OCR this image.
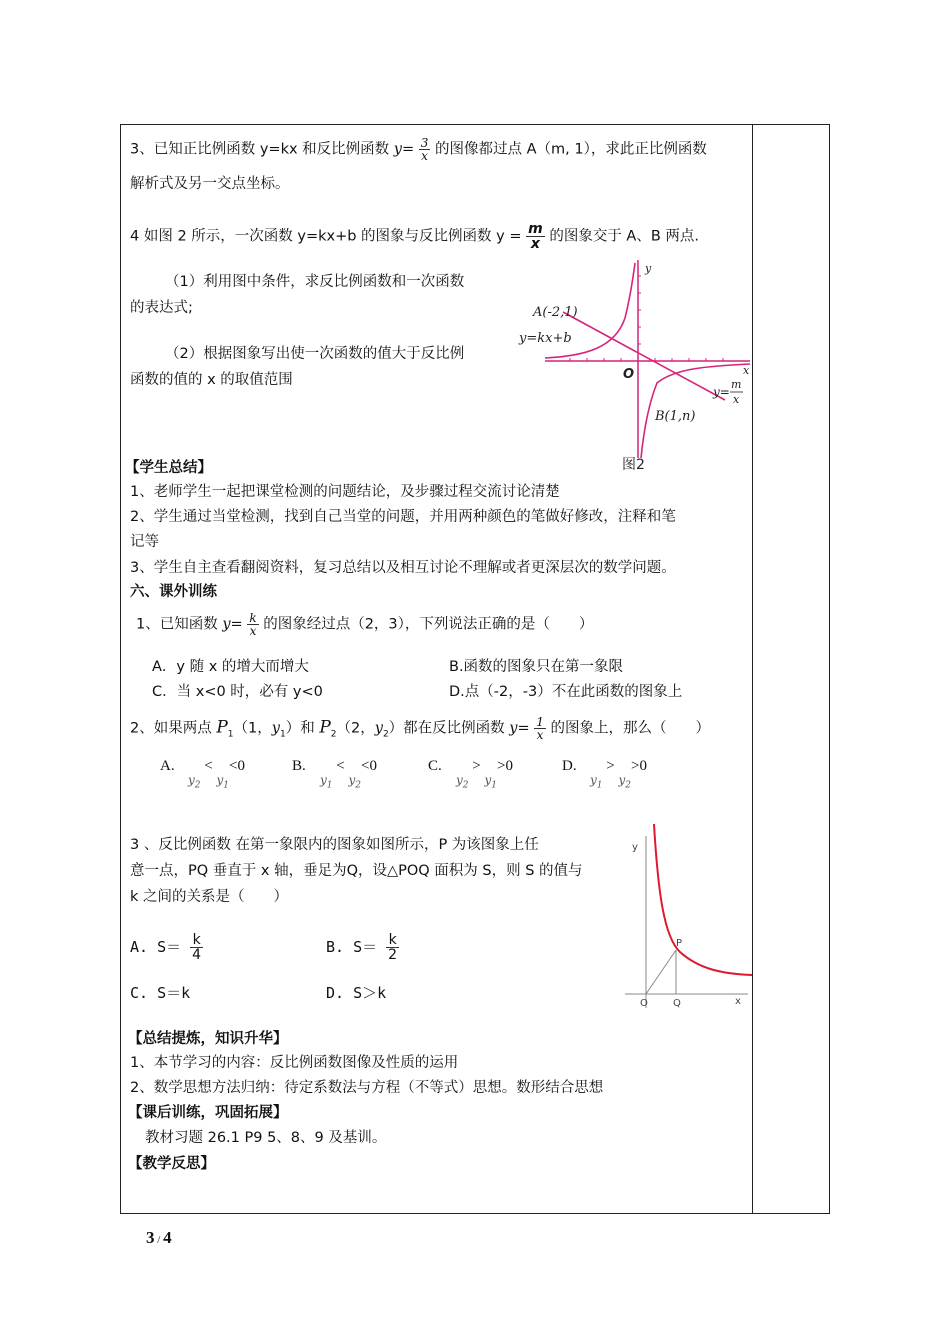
3、已知正比例函数 y=kx 和反比例函数 $y= \frac{3}{x}$ 的图像都过点 A（m, 1），求此正比例函数
解析式及另一交点坐标。
4 如图 2 所示，一次函数 y=kx+b 的图象与反比例函数 $y = \frac{m}{x}$ 的图象交于 A、B 两点.
（1）利用图中条件，求反比例函数和一次函数
的表达式;
（2）根据图象写出使一次函数的值大于反比例
函数的值的 x 的取值范围
A(-2,1)
y=kx+b
O	x
y
y=
m
x
B(1,n)
图2
【学生总结】
1、老师学生一起把课堂检测的问题结论，及步骤过程交流讨论清楚
2、学生通过当堂检测，找到自己当堂的问题，并用两种颜色的笔做好修改，注释和笔
记等
3、学生自主查看翻阅资料，复习总结以及相互讨论不理解或者更深层次的数学问题。
六、课外训练
1、已知函数 $y= \frac{k}{x}$ 的图象经过点（2，3），下列说法正确的是（　　）
A．y 随 x 的增大而增大	B.函数的图象只在第一象限
C．当 x<0 时，必有 y<0	D.点（-2，-3）不在此函数的图象上
2、如果两点 $P_1(1$，$y_1$）和 $P_2(2$，$y_2$）都在反比例函数 $y= \frac{1}{x}$ 的图象上，那么（　　）
A.
$_{y_2}$ < $_{y_1}$<0	B.
$_{y_1}$ < $_{y_2}$<0	C.
$_{y_2}$ > $_{y_1}$>0	D.
$_{y_1}$ > $_{y_2}$>0
3 、反比例函数 在第一象限内的图象如图所示，P 为该图象上任
意一点，PQ 垂直于 x 轴，垂足为Q，设△POQ 面积为 S，则 S 的值与
k 之间的关系是（　　）
A. $S= \frac{k}{4}$	B. $S= \frac{k}{2}$
C. S＝k	D. S＞k
y
P
O	Q	x
【总结提炼，知识升华】
1、本节学习的内容：反比例函数图像及性质的运用
2、数学思想方法归纳：待定系数法与方程（不等式）思想。数形结合思想
【课后训练，巩固拓展】
教材习题 26.1 P9 5、8、9 及基训。
【教学反思】
3 / 4
